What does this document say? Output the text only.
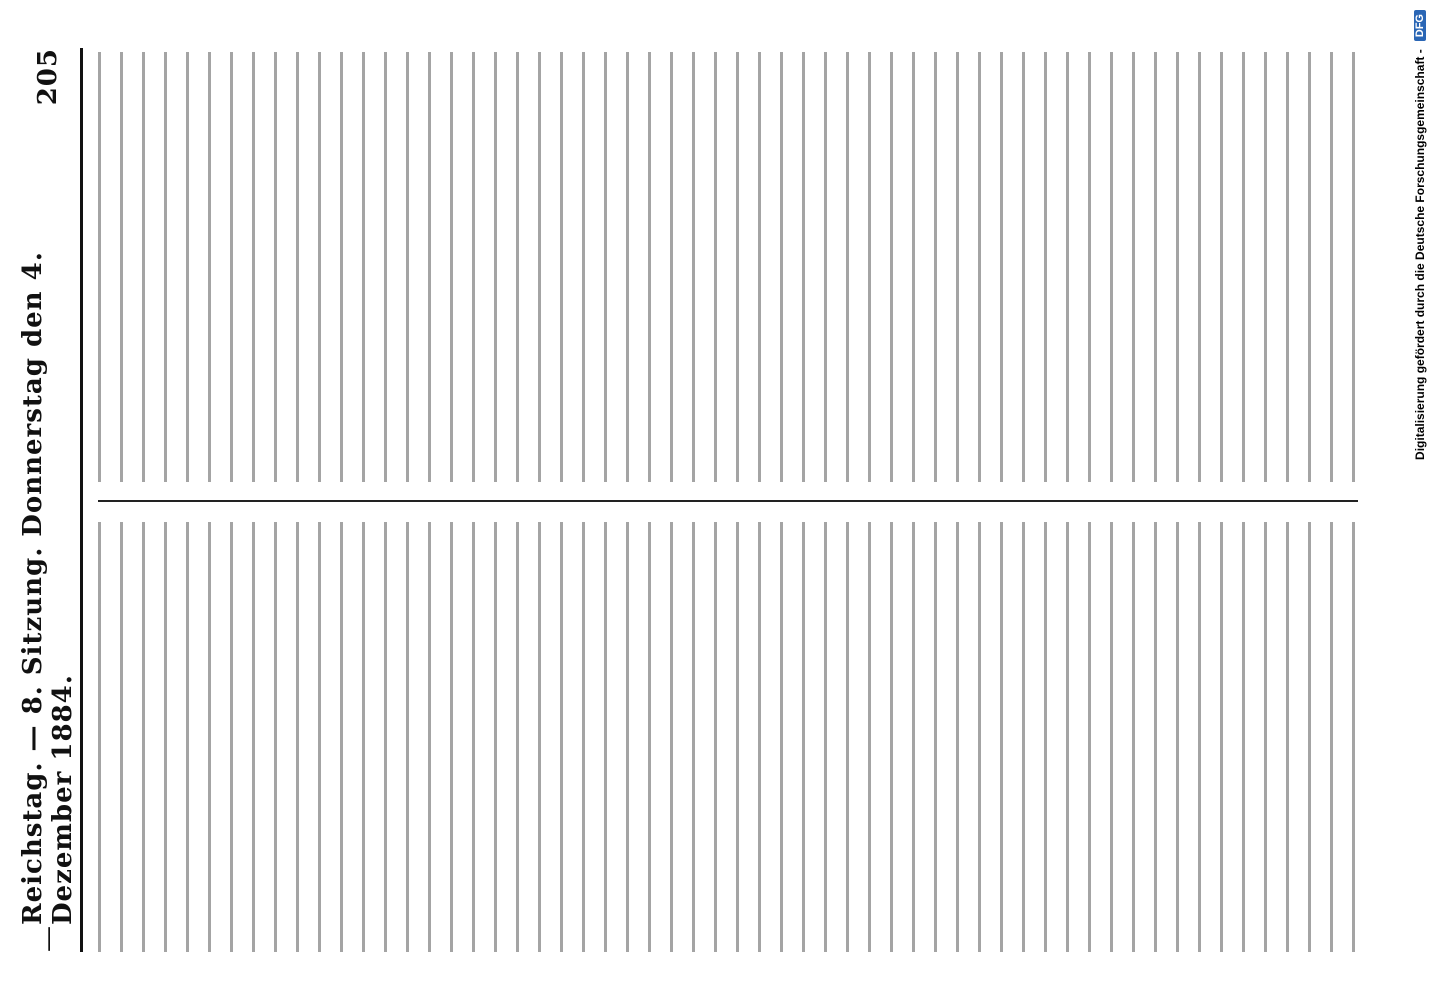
—
Reichstag. — 8. Sitzung. Donnerstag den 4. Dezember 1884.
205	Digitalisierung gefördert durch die Deutsche Forschungsgemeinschaft -
DFG
